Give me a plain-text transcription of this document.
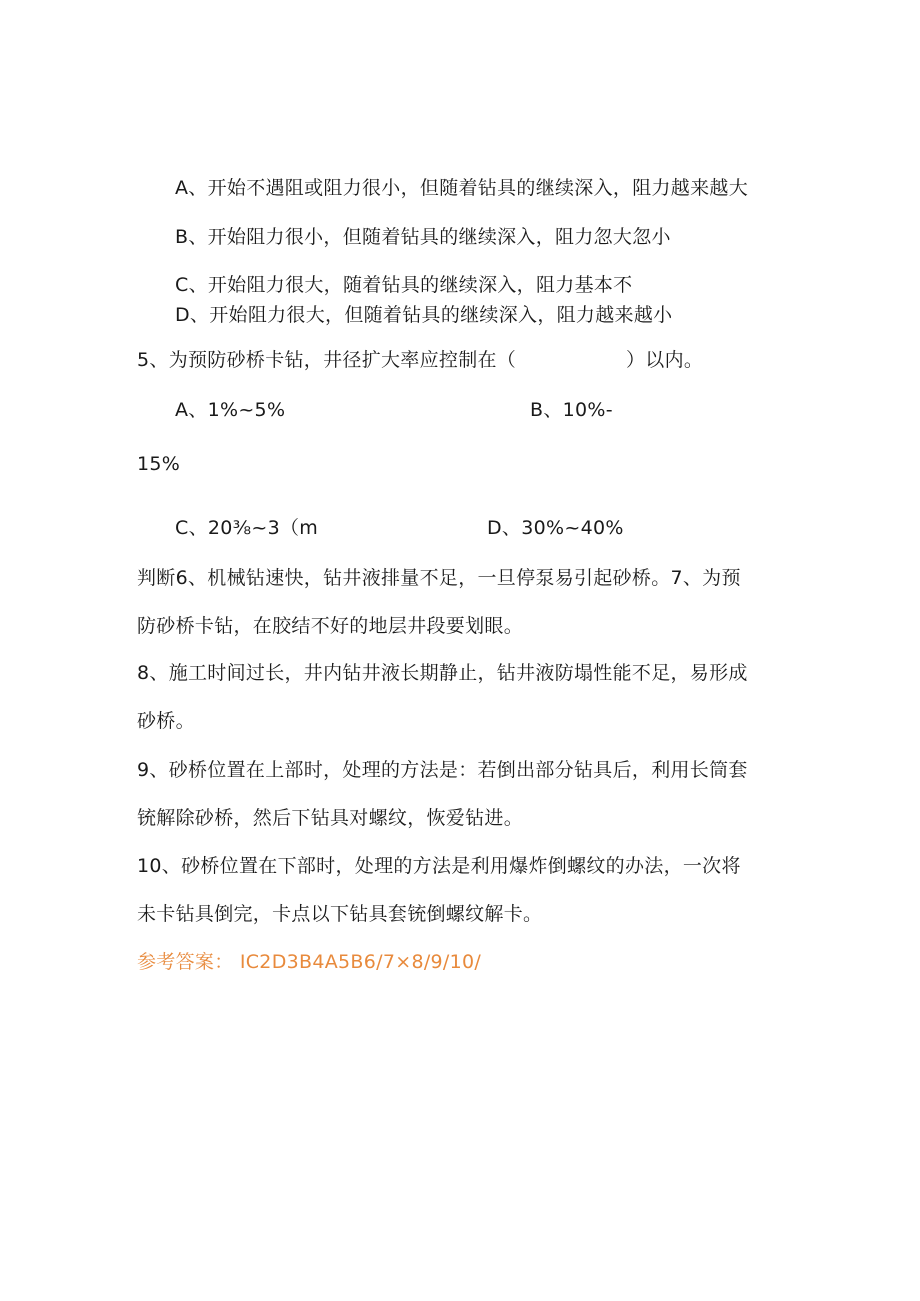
A、开始不遇阻或阻力很小，但随着钻具的继续深入，阻力越来越大
B、开始阻力很小，但随着钻具的继续深入，阻力忽大忽小
C、开始阻力很大，随着钻具的继续深入，阻力基本不
D、开始阻力很大，但随着钻具的继续深入，阻力越来越小
5、为预防砂桥卡钻，井径扩大率应控制在（	）以内。
A、1%~5%	B、10%-
15%
C、20⅜~3（m	D、30%~40%
判断6、机械钻速快，钻井液排量不足，一旦停泵易引起砂桥。7、为预
防砂桥卡钻，在胶结不好的地层井段要划眼。
8、施工时间过长，井内钻井液长期静止，钻井液防塌性能不足，易形成
砂桥。
9、砂桥位置在上部时，处理的方法是：若倒出部分钻具后，利用长筒套
铳解除砂桥，然后下钻具对螺纹，恢爱钻进。
10、砂桥位置在下部时，处理的方法是利用爆炸倒螺纹的办法，一次将
未卡钻具倒完，卡点以下钻具套铳倒螺纹解卡。
参考答案： IC2D3B4A5B6/7×8/9/10/
